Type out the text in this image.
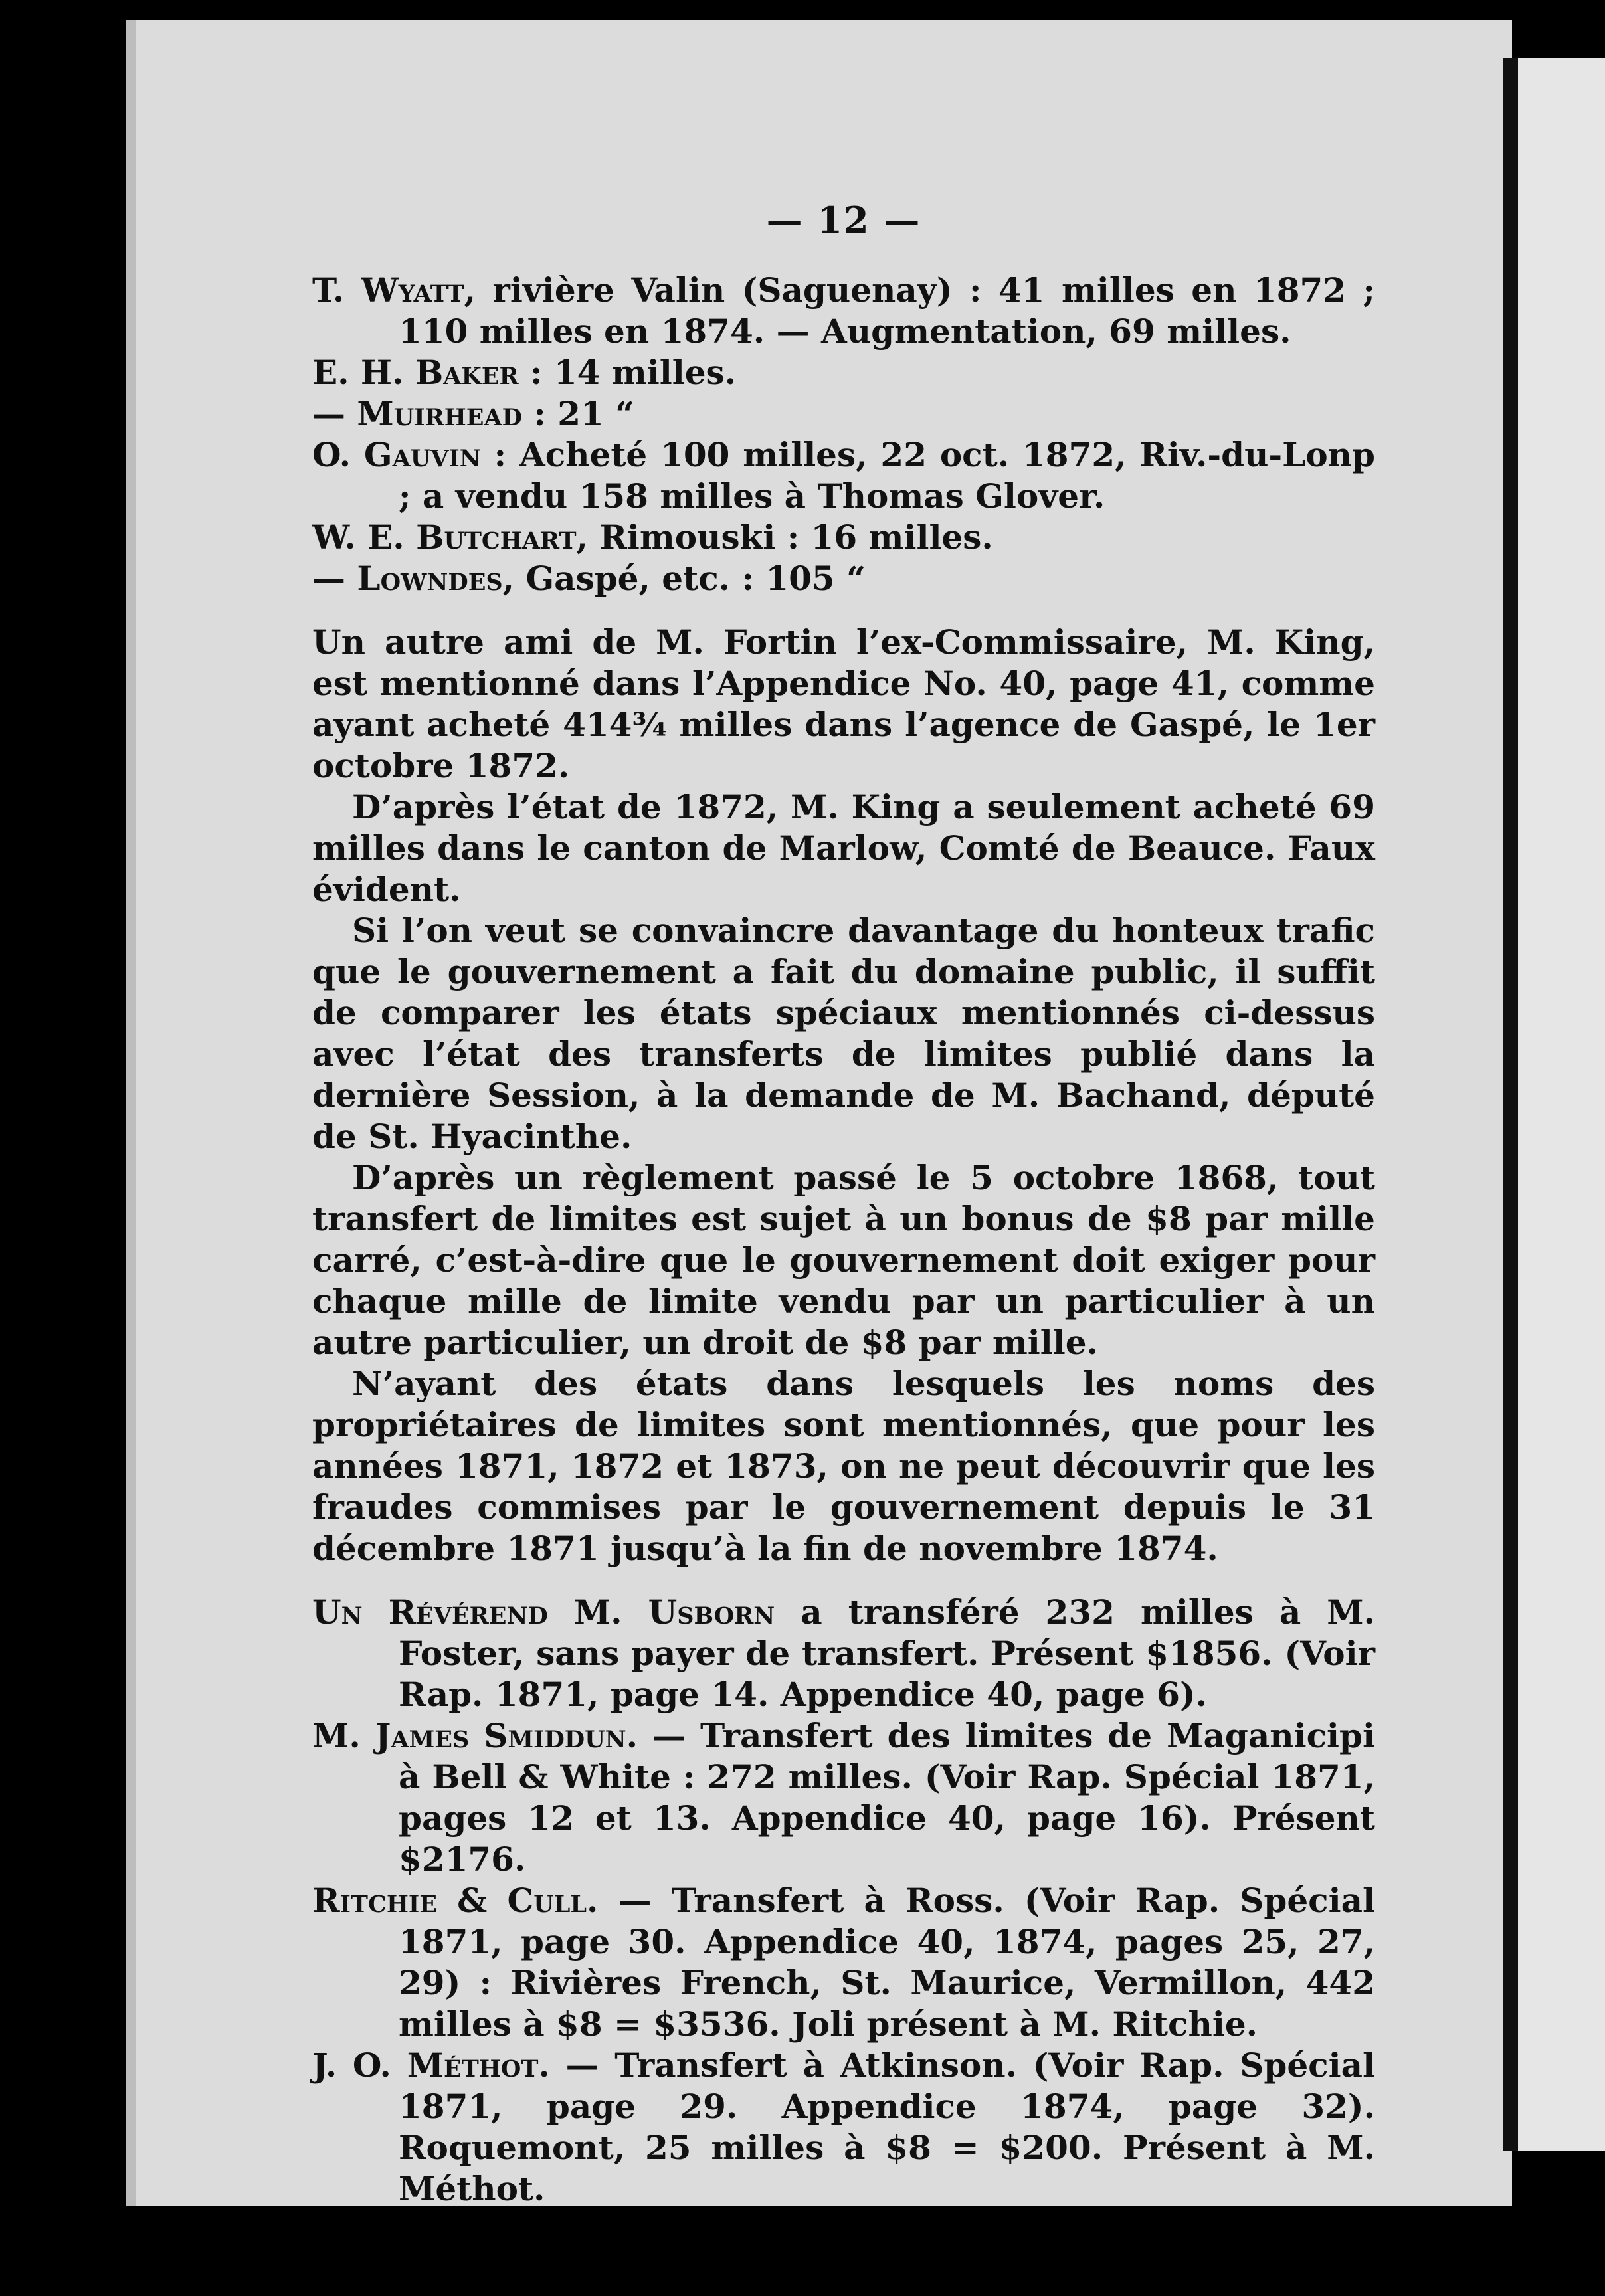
— 12 —

T. Wyatt, rivière Valin (Saguenay) : 41 milles en 1872 ; 110 milles en 1874. — Augmentation, 69 milles.

E. H. Baker : 14 milles.

— Muirhead : 21 “

O. Gauvin : Acheté 100 milles, 22 oct. 1872, Riv.-du-Lonp ; a vendu 158 milles à Thomas Glover.

W. E. Butchart, Rimouski : 16 milles.

— Lowndes, Gaspé, etc. : 105 “

Un autre ami de M. Fortin l’ex-Commissaire, M. King, est mentionné dans l’Appendice No. 40, page 41, comme ayant acheté 414¾ milles dans l’agence de Gaspé, le 1er octobre 1872.

D’après l’état de 1872, M. King a seulement acheté 69 milles dans le canton de Marlow, Comté de Beauce. Faux évident.

Si l’on veut se convaincre davantage du honteux trafic que le gouvernement a fait du domaine public, il suffit de comparer les états spéciaux mentionnés ci-dessus avec l’état des transferts de limites publié dans la dernière Session, à la demande de M. Bachand, député de St. Hyacinthe.

D’après un règlement passé le 5 octobre 1868, tout transfert de limites est sujet à un bonus de $8 par mille carré, c’est-à-dire que le gouvernement doit exiger pour chaque mille de limite vendu par un particulier à un autre particulier, un droit de $8 par mille.

N’ayant des états dans lesquels les noms des propriétaires de limites sont mentionnés, que pour les années 1871, 1872 et 1873, on ne peut découvrir que les fraudes commises par le gouvernement depuis le 31 décembre 1871 jusqu’à la fin de novembre 1874.

Un Révérend M. Usborn a transféré 232 milles à M. Foster, sans payer de transfert. Présent $1856. (Voir Rap. 1871, page 14. Appendice 40, page 6).

M. James Smiddun. — Transfert des limites de Maganicipi à Bell & White : 272 milles. (Voir Rap. Spécial 1871, pages 12 et 13. Appendice 40, page 16). Présent $2176.

Ritchie & Cull. — Transfert à Ross. (Voir Rap. Spécial 1871, page 30. Appendice 40, 1874, pages 25, 27, 29) : Rivières French, St. Maurice, Vermillon, 442 milles à $8 = $3536. Joli présent à M. Ritchie.

J. O. Méthot. — Transfert à Atkinson. (Voir Rap. Spécial 1871, page 29. Appendice 1874, page 32). Roquemont, 25 milles à $8 = $200. Présent à M. Méthot.
